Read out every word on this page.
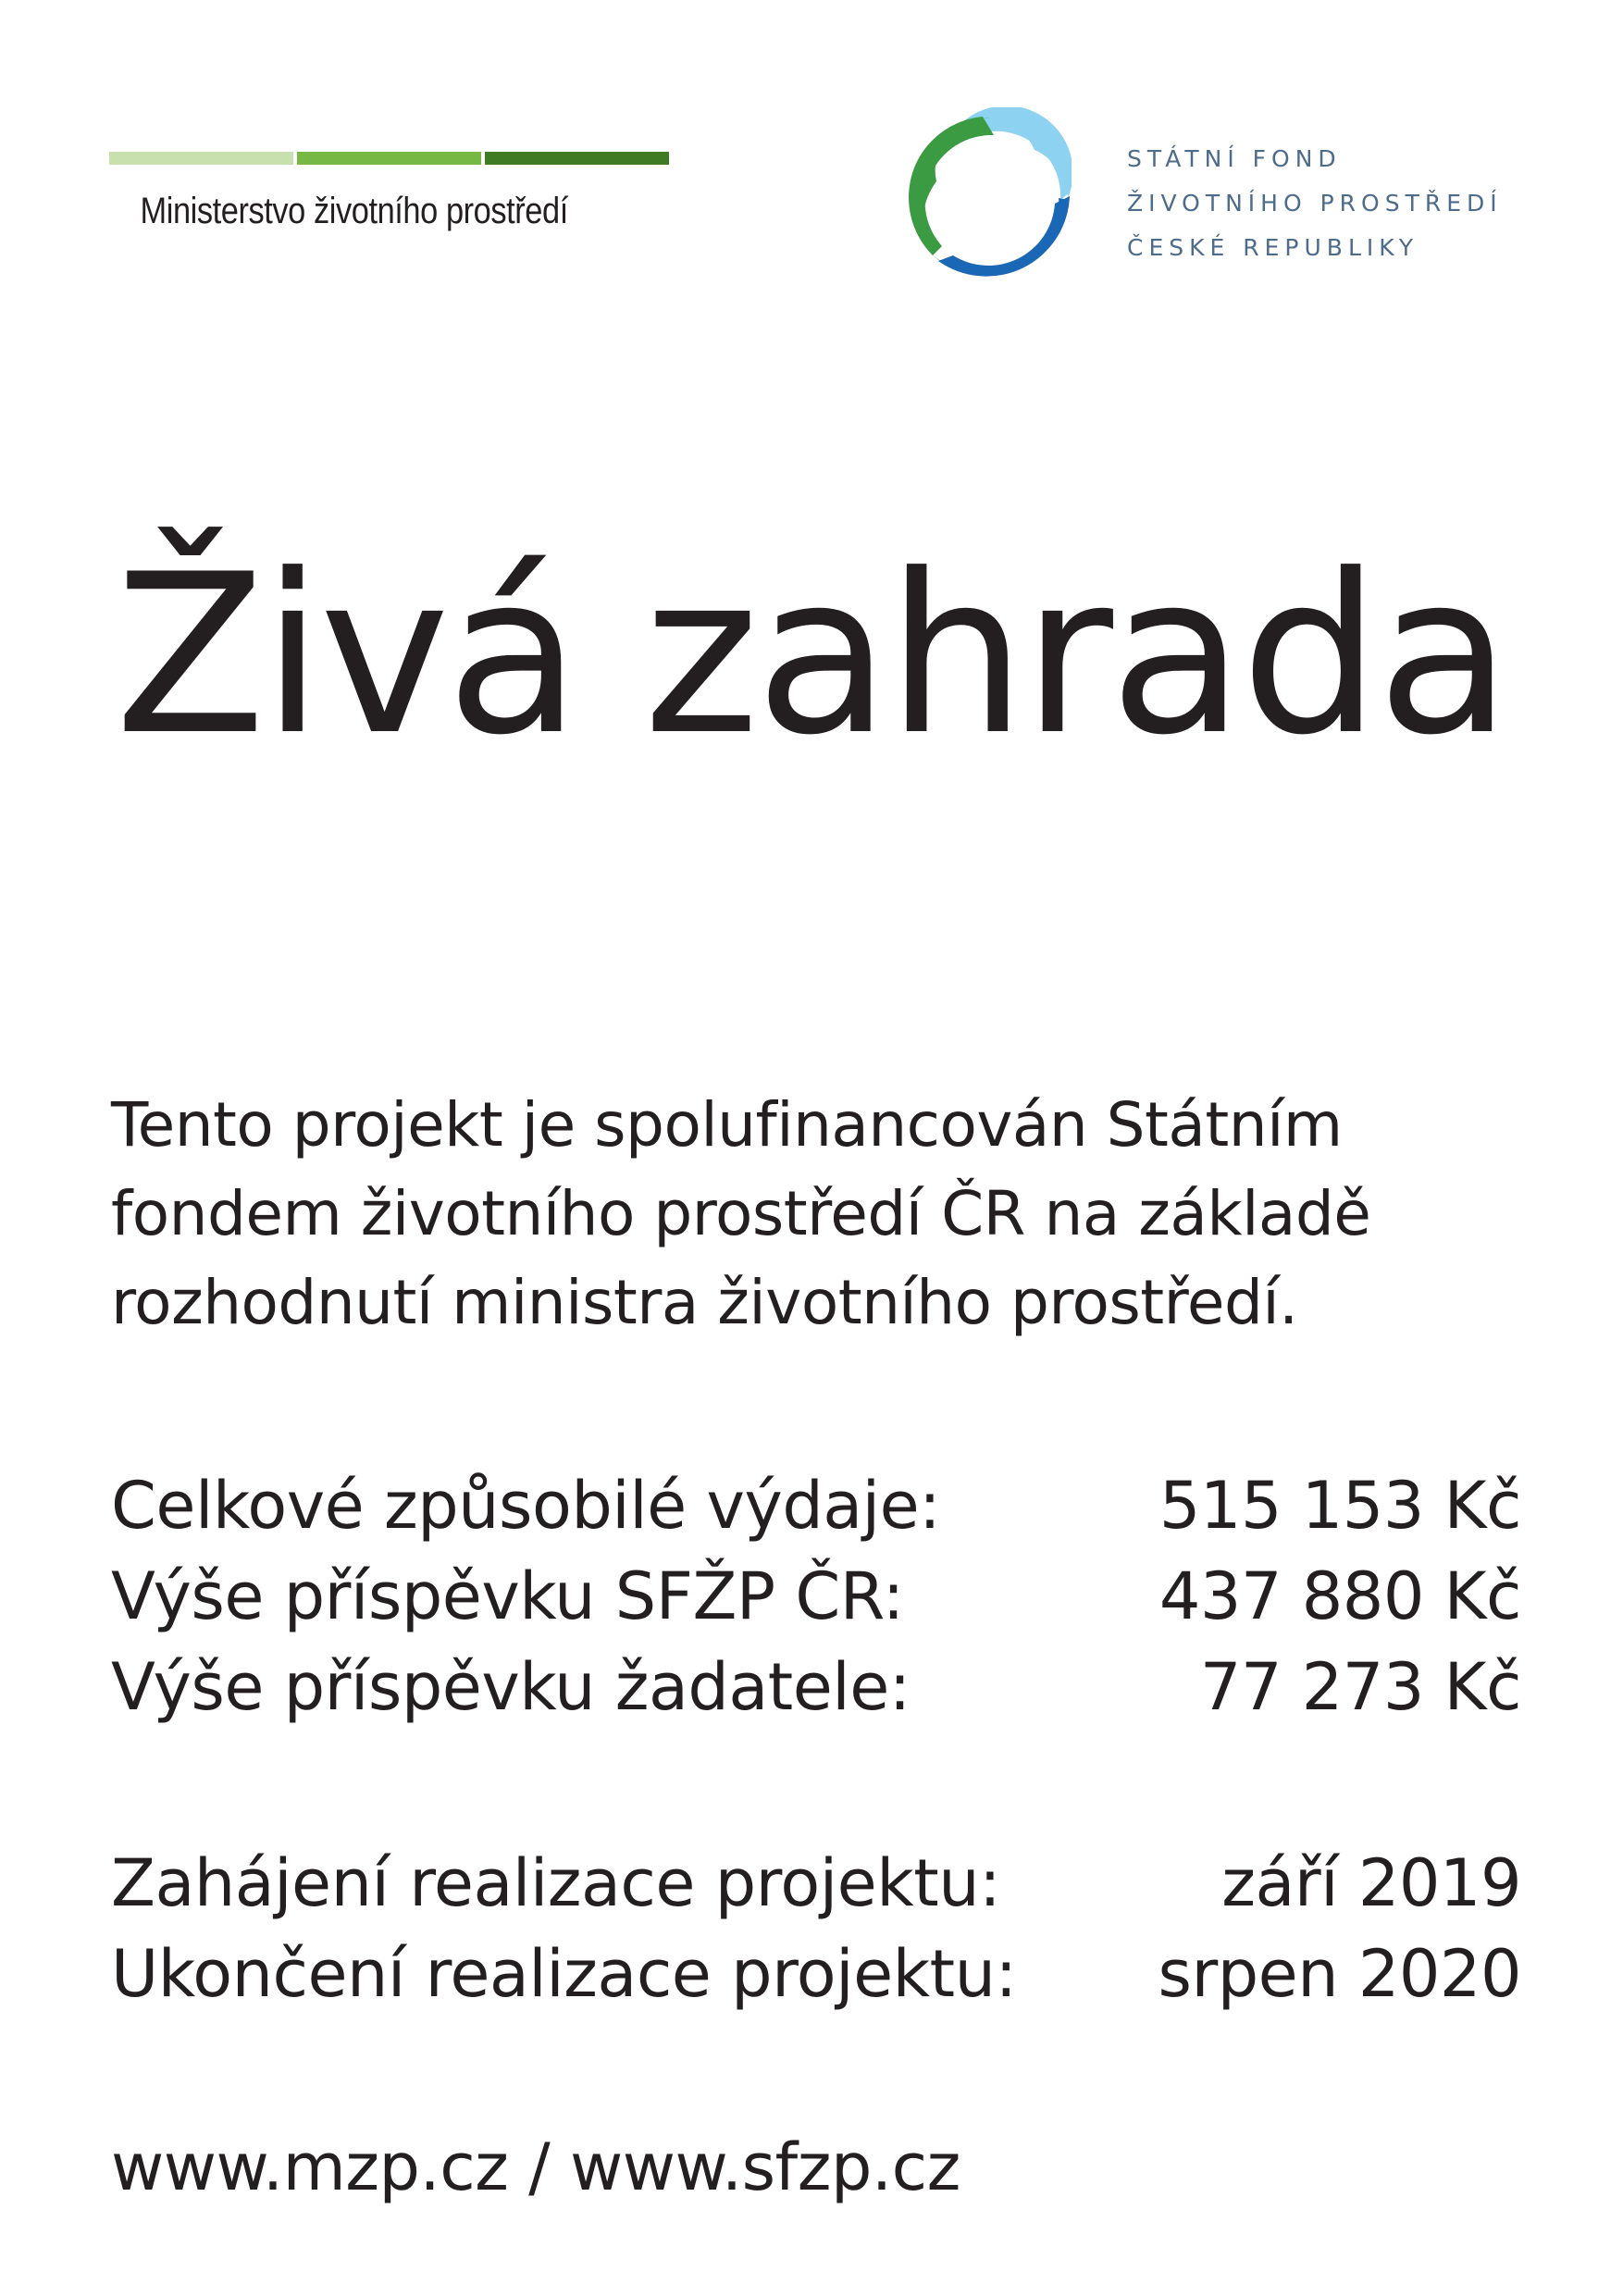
Ministerstvo životního prostředí
STÁTNÍ FOND
ŽIVOTNÍHO PROSTŘEDÍ
ČESKÉ REPUBLIKY
Živá zahrada

Tento projekt je spolufinancován Státním
fondem životního prostředí ČR na základě
rozhodnutí ministra životního prostředí.

Celkové způsobilé výdaje:	515 153 Kč
Výše příspěvku SFŽP ČR:	437 880 Kč
Výše příspěvku žadatele:	77 273 Kč
Zahájení realizace projektu:	září 2019
Ukončení realizace projektu: srpen 2020
www.mzp.cz / www.sfzp.cz
